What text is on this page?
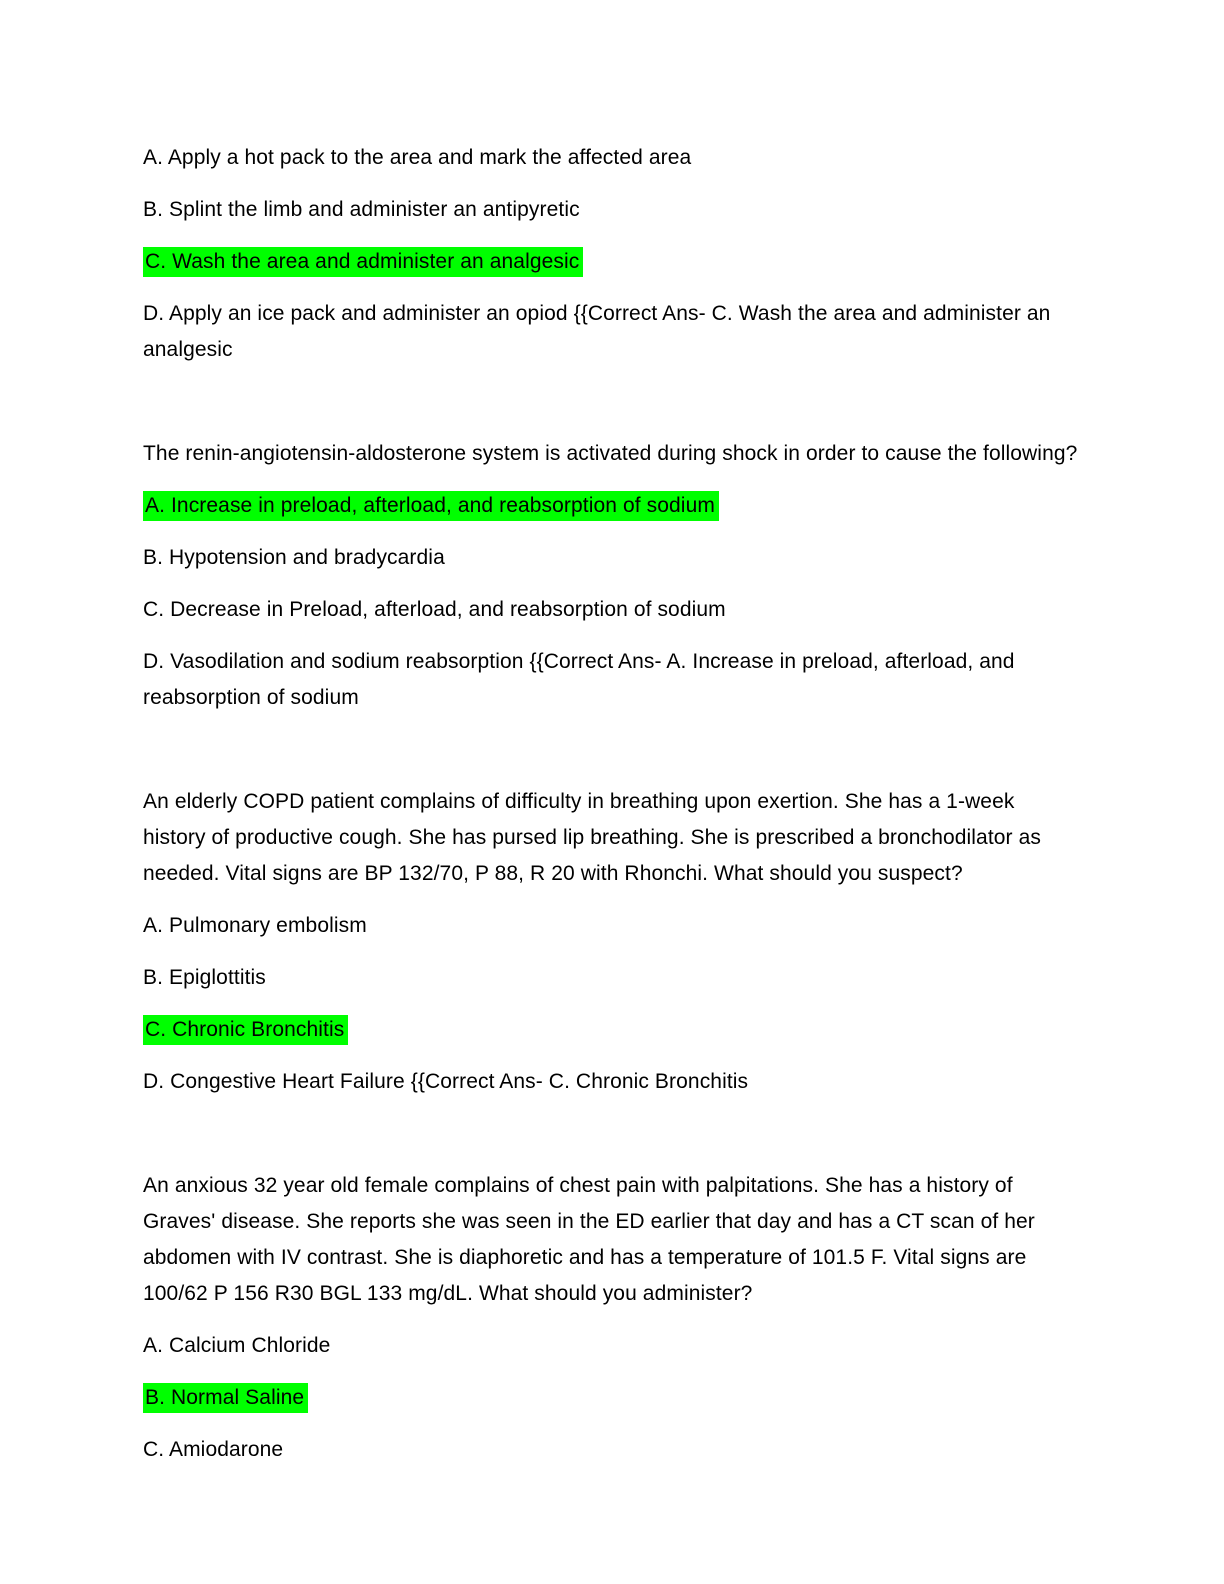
A. Apply a hot pack to the area and mark the affected area

B. Splint the limb and administer an antipyretic

C. Wash the area and administer an analgesic

D. Apply an ice pack and administer an opiod {{Correct Ans- C. Wash the area and administer an analgesic

The renin-angiotensin-aldosterone system is activated during shock in order to cause the following?

A. Increase in preload, afterload, and reabsorption of sodium

B. Hypotension and bradycardia

C. Decrease in Preload, afterload, and reabsorption of sodium

D. Vasodilation and sodium reabsorption {{Correct Ans- A. Increase in preload, afterload, and reabsorption of sodium

An elderly COPD patient complains of difficulty in breathing upon exertion. She has a 1-week history of productive cough. She has pursed lip breathing. She is prescribed a bronchodilator as needed. Vital signs are BP 132/70, P 88, R 20 with Rhonchi. What should you suspect?

A. Pulmonary embolism

B. Epiglottitis

C. Chronic Bronchitis

D. Congestive Heart Failure {{Correct Ans- C. Chronic Bronchitis

An anxious 32 year old female complains of chest pain with palpitations. She has a history of Graves' disease. She reports she was seen in the ED earlier that day and has a CT scan of her abdomen with IV contrast. She is diaphoretic and has a temperature of 101.5 F. Vital signs are 100/62 P 156 R30 BGL 133 mg/dL. What should you administer?

A. Calcium Chloride

B. Normal Saline

C. Amiodarone
